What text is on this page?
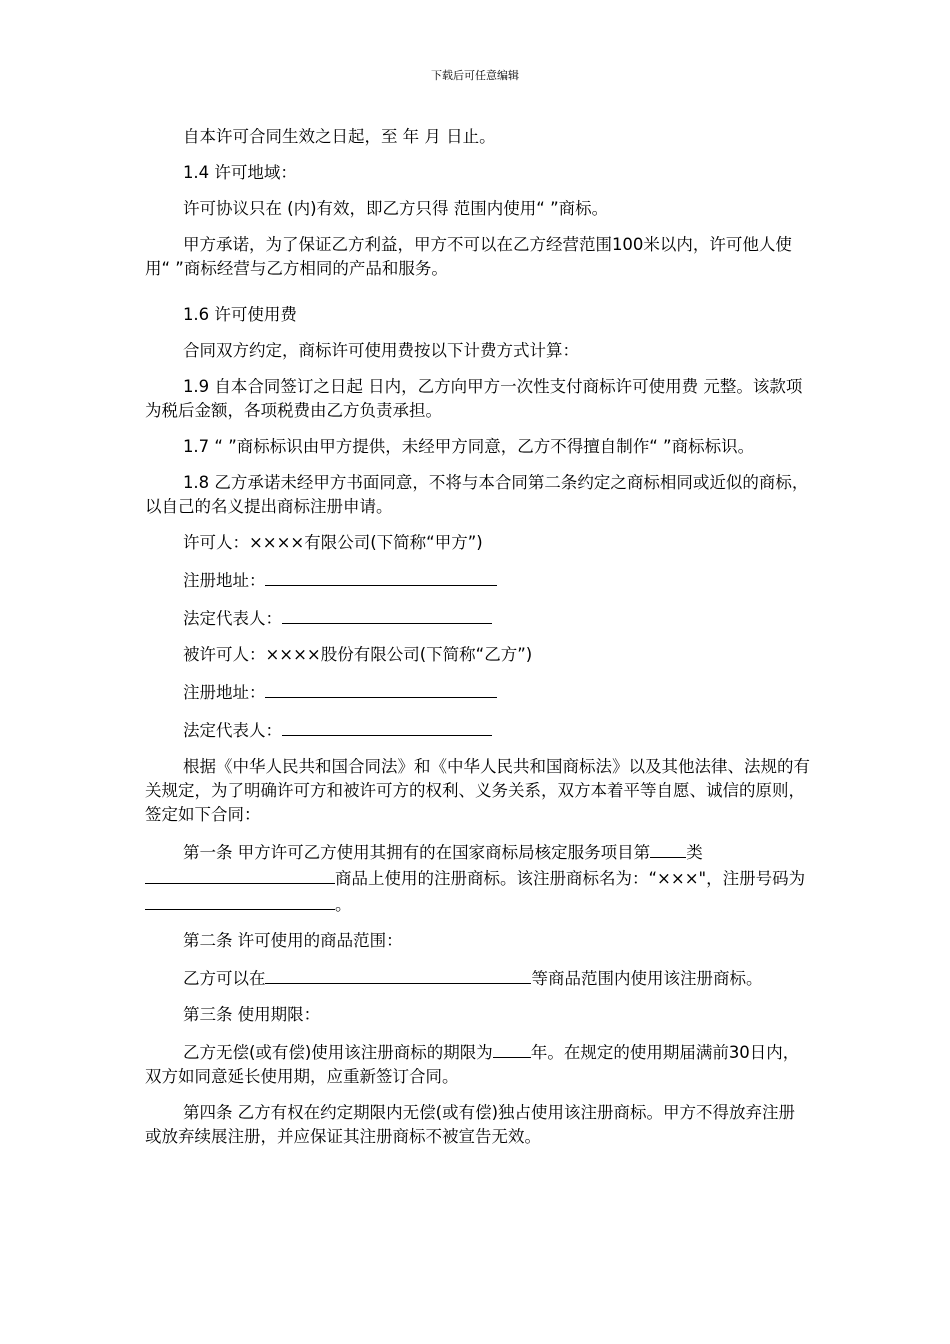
下载后可任意编辑

自本许可合同生效之日起，至 年 月 日止。

1.4 许可地域：

许可协议只在 (内)有效，即乙方只得 范围内使用“ ”商标。

甲方承诺，为了保证乙方利益，甲方不可以在乙方经营范围100米以内，许可他人使用“ ”商标经营与乙方相同的产品和服务。

1.6 许可使用费

合同双方约定，商标许可使用费按以下计费方式计算：

1.9 自本合同签订之日起 日内，乙方向甲方一次性支付商标许可使用费 元整。该款项为税后金额，各项税费由乙方负责承担。

1.7 “ ”商标标识由甲方提供，未经甲方同意，乙方不得擅自制作“ ”商标标识。

1.8 乙方承诺未经甲方书面同意，不将与本合同第二条约定之商标相同或近似的商标，以自己的名义提出商标注册申请。

许可人：××××有限公司(下简称“甲方”)

注册地址：

法定代表人：

被许可人：××××股份有限公司(下简称“乙方”)

注册地址：

法定代表人：

根据《中华人民共和国合同法》和《中华人民共和国商标法》以及其他法律、法规的有关规定，为了明确许可方和被许可方的权利、义务关系，双方本着平等自愿、诚信的原则，签定如下合同：

第一条 甲方许可乙方使用其拥有的在国家商标局核定服务项目第 类商品上使用的注册商标。该注册商标名为：“×××"，注册号码为。

第二条 许可使用的商品范围：

乙方可以在	等商品范围内使用该注册商标。

第三条 使用期限：

乙方无偿(或有偿)使用该注册商标的期限为 年。在规定的使用期届满前30日内，双方如同意延长使用期，应重新签订合同。

第四条 乙方有权在约定期限内无偿(或有偿)独占使用该注册商标。甲方不得放弃注册或放弃续展注册，并应保证其注册商标不被宣告无效。
